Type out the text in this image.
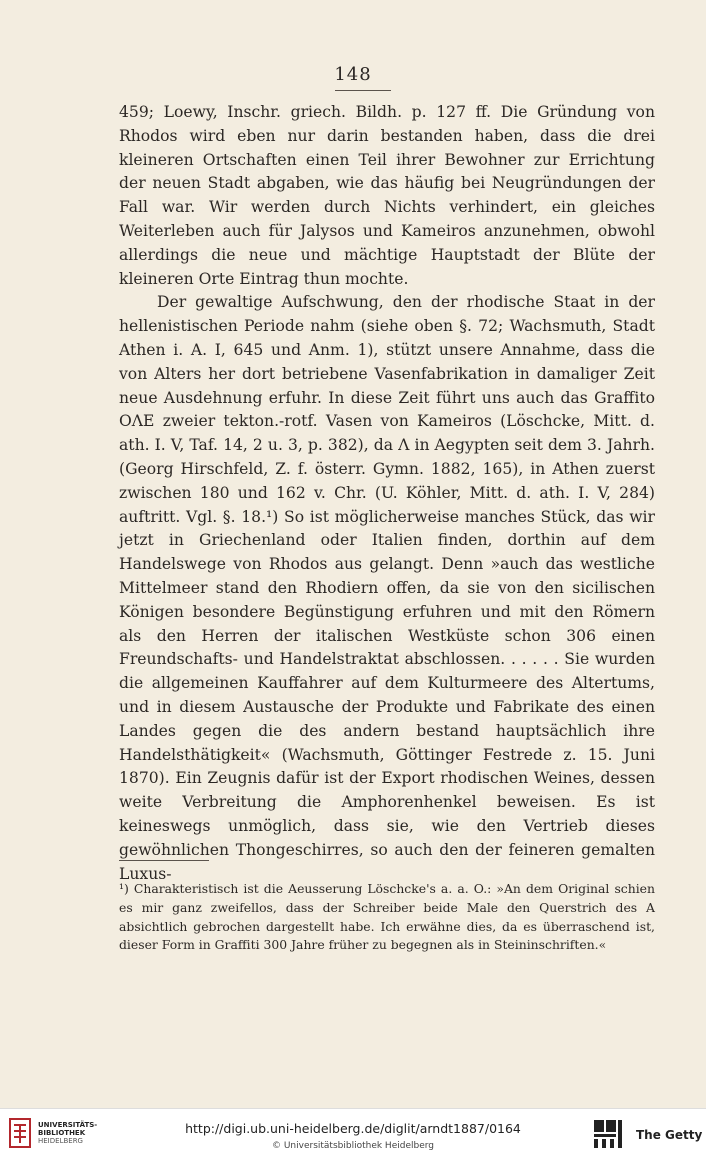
148

459; Loewy, Inschr. griech. Bildh. p. 127 ff. Die Gründung von Rhodos wird eben nur darin bestanden haben, dass die drei kleineren Ortschaften einen Teil ihrer Bewohner zur Errichtung der neuen Stadt abgaben, wie das häufig bei Neugründungen der Fall war. Wir werden durch Nichts verhindert, ein gleiches Weiterleben auch für Jalysos und Kameiros anzunehmen, obwohl allerdings die neue und mächtige Hauptstadt der Blüte der kleineren Orte Eintrag thun mochte.

Der gewaltige Aufschwung, den der rhodische Staat in der hellenistischen Periode nahm (siehe oben §. 72; Wachsmuth, Stadt Athen i. A. I, 645 und Anm. 1), stützt unsere Annahme, dass die von Alters her dort betriebene Vasenfabrikation in damaliger Zeit neue Ausdehnung erfuhr. In diese Zeit führt uns auch das Graffito ΟΛΕ zweier tekton.-rotf. Vasen von Kameiros (Löschcke, Mitt. d. ath. I. V, Taf. 14, 2 u. 3, p. 382), da Λ in Aegypten seit dem 3. Jahrh. (Georg Hirschfeld, Z. f. österr. Gymn. 1882, 165), in Athen zuerst zwischen 180 und 162 v. Chr. (U. Köhler, Mitt. d. ath. I. V, 284) auftritt. Vgl. §. 18.¹) So ist möglicherweise manches Stück, das wir jetzt in Griechenland oder Italien finden, dorthin auf dem Handelswege von Rhodos aus gelangt. Denn »auch das westliche Mittelmeer stand den Rhodiern offen, da sie von den sicilischen Königen besondere Begünstigung erfuhren und mit den Römern als den Herren der italischen Westküste schon 306 einen Freundschafts- und Handelstraktat abschlossen. . . . . . Sie wurden die allgemeinen Kauffahrer auf dem Kulturmeere des Altertums, und in diesem Austausche der Produkte und Fabrikate des einen Landes gegen die des andern bestand hauptsächlich ihre Handelsthätigkeit« (Wachsmuth, Göttinger Festrede z. 15. Juni 1870). Ein Zeugnis dafür ist der Export rhodischen Weines, dessen weite Verbreitung die Amphorenhenkel beweisen. Es ist keineswegs unmöglich, dass sie, wie den Vertrieb dieses gewöhnlichen Thongeschirres, so auch den der feineren gemalten Luxus-

¹) Charakteristisch ist die Aeusserung Löschcke's a. a. O.: »An dem Original schien es mir ganz zweifellos, dass der Schreiber beide Male den Querstrich des A absichtlich gebrochen dargestellt habe. Ich erwähne dies, da es überraschend ist, dieser Form in Graffiti 300 Jahre früher zu begegnen als in Steininschriften.«
UNIVERSITÄTS-
BIBLIOTHEK
HEIDELBERG
http://digi.ub.uni-heidelberg.de/diglit/arndt1887/0164
© Universitätsbibliothek Heidelberg
The Getty
